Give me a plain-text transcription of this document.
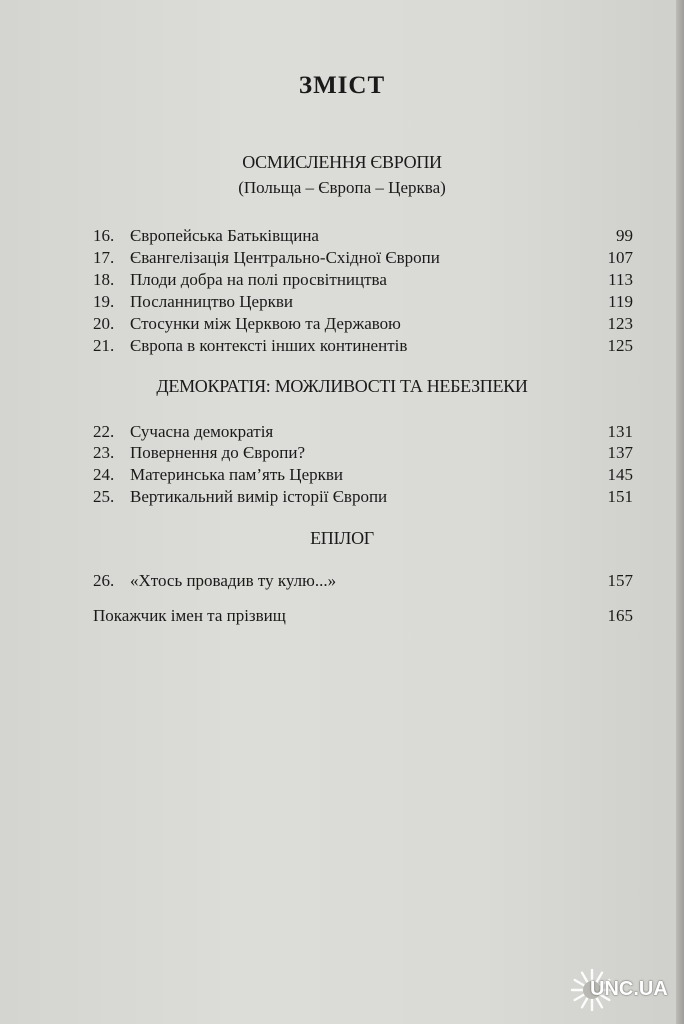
ЗМІСТ
ОСМИСЛЕННЯ ЄВРОПИ
(Польща – Європа – Церква)
16. Європейська Батьківщина	99
17. Євангелізація Центрально-Східної Європи	107
18. Плоди добра на полі просвітництва	113
19. Посланництво Церкви	119
20. Стосунки між Церквою та Державою	123
21. Європа в контексті інших континентів	125
ДЕМОКРАТІЯ: МОЖЛИВОСТІ ТА НЕБЕЗПЕКИ
22. Сучасна демократія	131
23. Повернення до Європи?	137
24. Материнська пам’ять Церкви	145
25. Вертикальний вимір історії Європи	151
ЕПІЛОГ
26. «Хтось провадив ту кулю...»	157
Покажчик імен та прізвищ	165
UNC.UA
